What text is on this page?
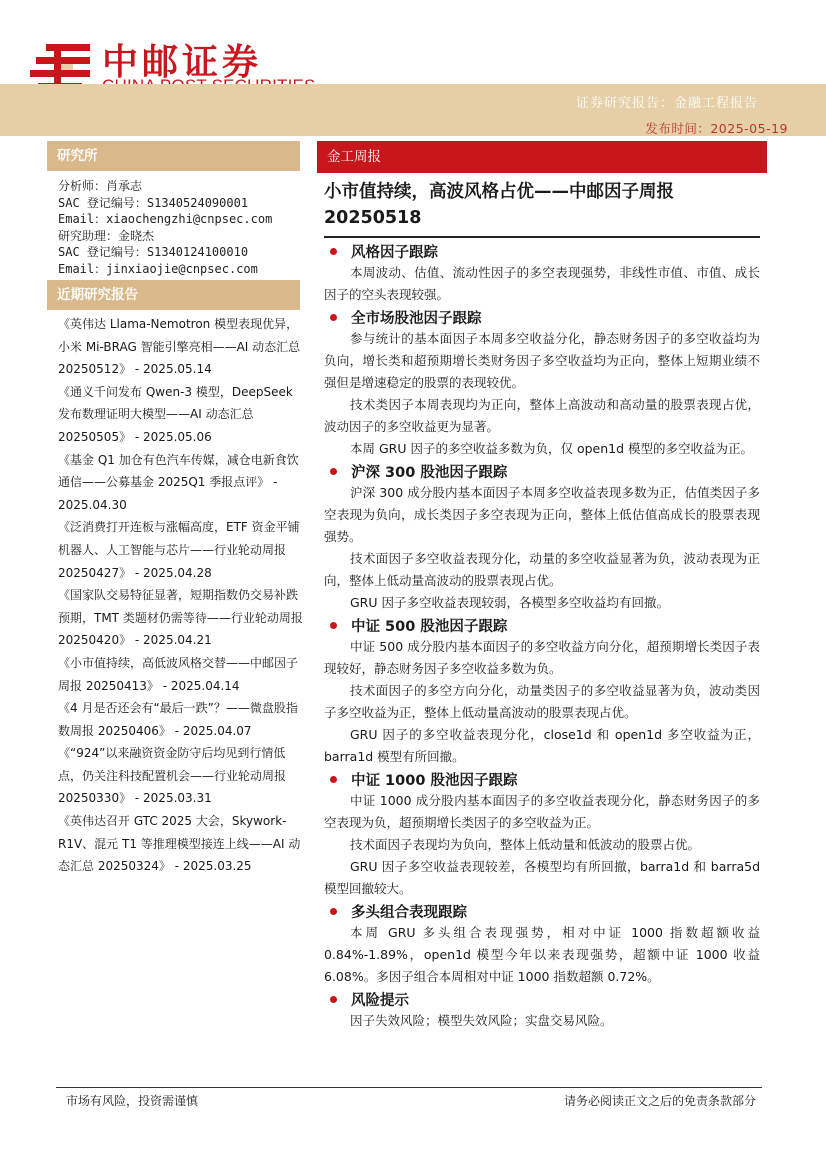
中邮证券
证券研究报告：金融工程报告
发布时间：2025-05-19
研究所
分析师：肖承志
SAC 登记编号：S1340524090001
Email：xiaochengzhi@cnpsec.com
研究助理：金晓杰
SAC 登记编号：S1340124100010
Email：jinxiaojie@cnpsec.com
近期研究报告

《英伟达 Llama-Nemotron 模型表现优异，小米 Mi-BRAG 智能引擎亮相——AI 动态汇总 20250512》 - 2025.05.14

《通义千问发布 Qwen-3 模型，DeepSeek 发布数理证明大模型——AI 动态汇总 20250505》 - 2025.05.06

《基金 Q1 加仓有色汽车传媒，减仓电新食饮通信——公募基金 2025Q1 季报点评》 - 2025.04.30

《泛消费打开连板与涨幅高度，ETF 资金平铺机器人、人工智能与芯片——行业轮动周报 20250427》 - 2025.04.28

《国家队交易特征显著，短期指数仍交易补跌预期，TMT 类题材仍需等待——行业轮动周报 20250420》 - 2025.04.21

《小市值持续，高低波风格交替——中邮因子周报 20250413》 - 2025.04.14

《4 月是否还会有“最后一跌”？——微盘股指数周报 20250406》 - 2025.04.07

《“924”以来融资资金防守后均见到行情低点，仍关注科技配置机会——行业轮动周报 20250330》 - 2025.03.31

《英伟达召开 GTC 2025 大会，Skywork-R1V、混元 T1 等推理模型接连上线——AI 动态汇总 20250324》 - 2025.03.25

金工周报
小市值持续，高波风格占优——中邮因子周报 20250518
风格因子跟踪

本周波动、估值、流动性因子的多空表现强势，非线性市值、市值、成长因子的空头表现较强。

全市场股池因子跟踪

参与统计的基本面因子本周多空收益分化，静态财务因子的多空收益均为负向，增长类和超预期增长类财务因子多空收益均为正向，整体上短期业绩不强但是增速稳定的股票的表现较优。

技术类因子本周表现均为正向，整体上高波动和高动量的股票表现占优，波动因子的多空收益更为显著。

本周 GRU 因子的多空收益多数为负，仅 open1d 模型的多空收益为正。

沪深 300 股池因子跟踪

沪深 300 成分股内基本面因子本周多空收益表现多数为正，估值类因子多空表现为负向，成长类因子多空表现为正向，整体上低估值高成长的股票表现强势。

技术面因子多空收益表现分化，动量的多空收益显著为负，波动表现为正向，整体上低动量高波动的股票表现占优。

GRU 因子多空收益表现较弱，各模型多空收益均有回撤。

中证 500 股池因子跟踪

中证 500 成分股内基本面因子的多空收益方向分化，超预期增长类因子表现较好，静态财务因子多空收益多数为负。

技术面因子的多空方向分化，动量类因子的多空收益显著为负，波动类因子多空收益为正，整体上低动量高波动的股票表现占优。

GRU 因子的多空收益表现分化，close1d 和 open1d 多空收益为正，barra1d 模型有所回撤。

中证 1000 股池因子跟踪

中证 1000 成分股内基本面因子的多空收益表现分化，静态财务因子的多空表现为负，超预期增长类因子的多空收益为正。

技术面因子表现均为负向，整体上低动量和低波动的股票占优。

GRU 因子多空收益表现较差，各模型均有所回撤，barra1d 和 barra5d 模型回撤较大。

多头组合表现跟踪

本周 GRU 多头组合表现强势，相对中证 1000 指数超额收益 0.84%-1.89%，open1d 模型今年以来表现强势，超额中证 1000 收益 6.08%。多因子组合本周相对中证 1000 指数超额 0.72%。

风险提示

因子失效风险；模型失效风险；实盘交易风险。

市场有风险，投资需谨慎	请务必阅读正文之后的免责条款部分
